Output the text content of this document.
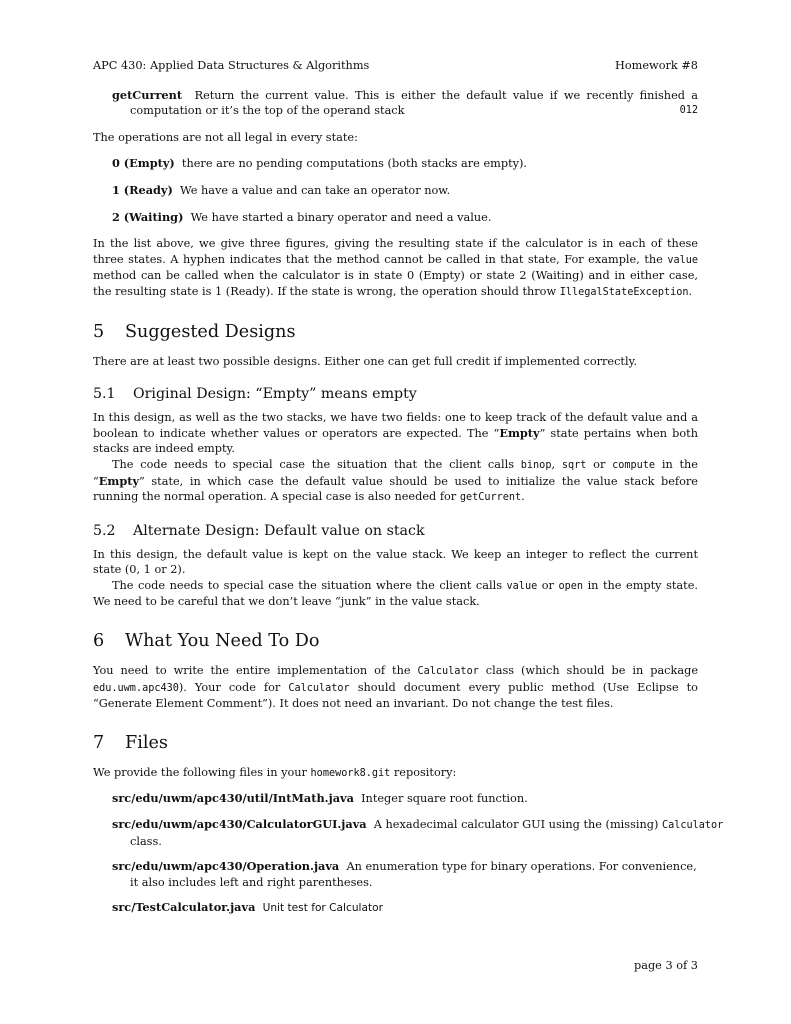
APC 430: Applied Data Structures & Algorithms	Homework #8
getCurrent Return the current value. This is either the default value if we recently finished a computation or it’s the top of the operand stack	012

The operations are not all legal in every state:

0 (Empty) there are no pending computations (both stacks are empty).
1 (Ready) We have a value and can take an operator now.
2 (Waiting) We have started a binary operator and need a value.

In the list above, we give three figures, giving the resulting state if the calculator is in each of these three states. A hyphen indicates that the method cannot be called in that state, For example, the value method can be called when the calculator is in state 0 (Empty) or state 2 (Waiting) and in either case, the resulting state is 1 (Ready). If the state is wrong, the operation should throw IllegalStateException.

5 Suggested Designs

There are at least two possible designs. Either one can get full credit if implemented correctly.

5.1 Original Design: “Empty” means empty

In this design, as well as the two stacks, we have two fields: one to keep track of the default value and a boolean to indicate whether values or operators are expected. The “Empty” state pertains when both stacks are indeed empty.

The code needs to special case the situation that the client calls binop, sqrt or compute in the “Empty” state, in which case the default value should be used to initialize the value stack before running the normal operation. A special case is also needed for getCurrent.

5.2 Alternate Design: Default value on stack

In this design, the default value is kept on the value stack. We keep an integer to reflect the current state (0, 1 or 2).

The code needs to special case the situation where the client calls value or open in the empty state. We need to be careful that we don’t leave “junk” in the value stack.

6 What You Need To Do

You need to write the entire implementation of the Calculator class (which should be in package edu.uwm.apc430). Your code for Calculator should document every public method (Use Eclipse to “Generate Element Comment”). It does not need an invariant. Do not change the test files.

7 Files

We provide the following files in your homework8.git repository:

src/edu/uwm/apc430/util/IntMath.java Integer square root function.
src/edu/uwm/apc430/CalculatorGUI.java A hexadecimal calculator GUI using the (missing) Calculator class.
src/edu/uwm/apc430/Operation.java An enumeration type for binary operations. For convenience, it also includes left and right parentheses.
src/TestCalculator.java Unit test for Calculator
page 3 of 3
